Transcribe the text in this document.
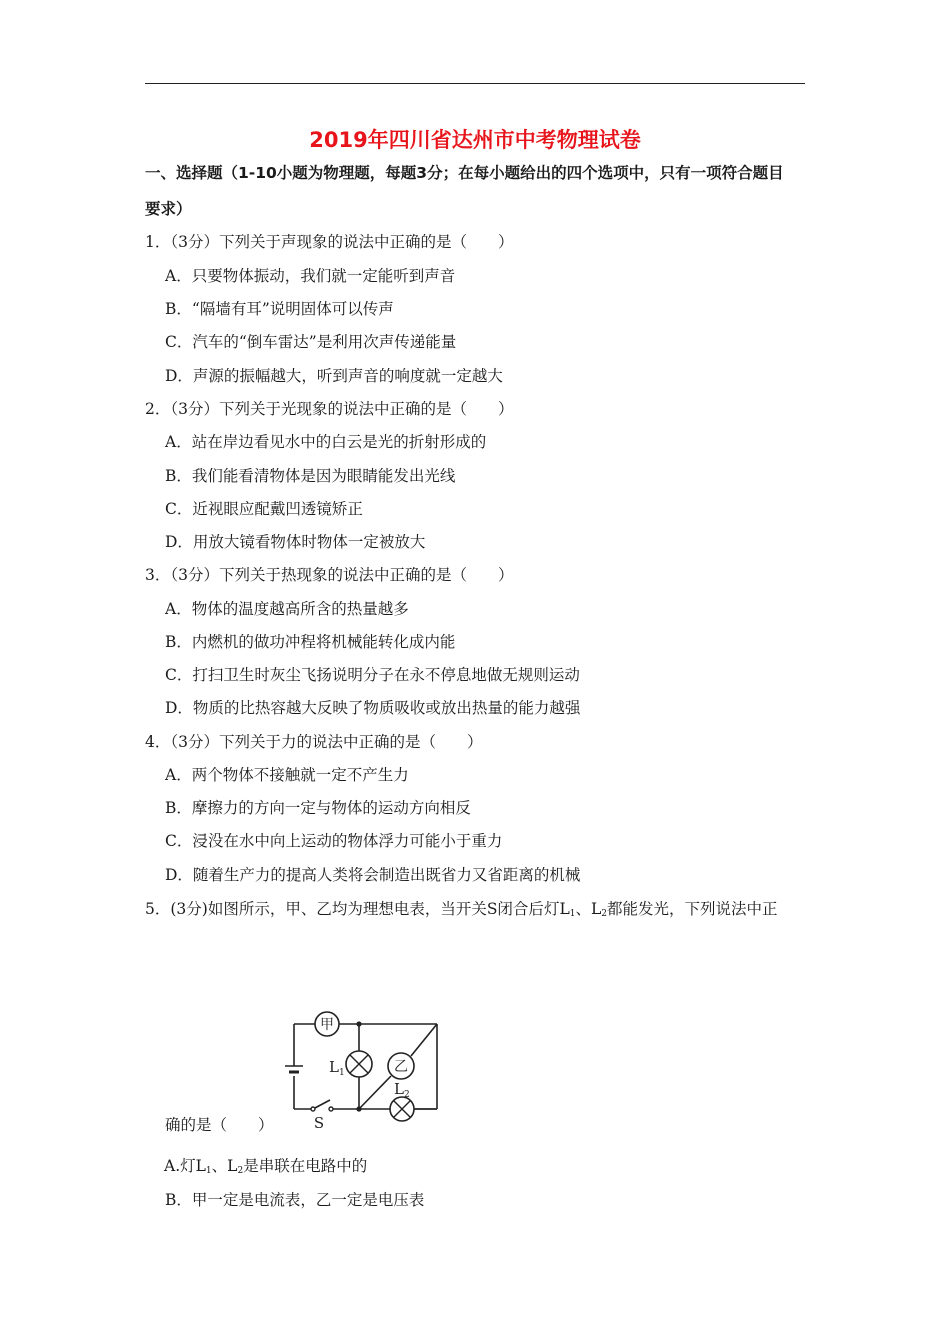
2019年四川省达州市中考物理试卷
一、选择题（1-10小题为物理题，每题3分；在每小题给出的四个选项中，只有一项符合题目
要求）
1．（3分）下列关于声现象的说法中正确的是（　　）
A．只要物体振动，我们就一定能听到声音
B．“隔墙有耳”说明固体可以传声
C．汽车的“倒车雷达”是利用次声传递能量
D．声源的振幅越大，听到声音的响度就一定越大
2．（3分）下列关于光现象的说法中正确的是（　　）
A．站在岸边看见水中的白云是光的折射形成的
B．我们能看清物体是因为眼睛能发出光线
C．近视眼应配戴凹透镜矫正
D．用放大镜看物体时物体一定被放大
3．（3分）下列关于热现象的说法中正确的是（　　）
A．物体的温度越高所含的热量越多
B．内燃机的做功冲程将机械能转化成内能
C．打扫卫生时灰尘飞扬说明分子在永不停息地做无规则运动
D．物质的比热容越大反映了物质吸收或放出热量的能力越强
4．（3分）下列关于力的说法中正确的是（　　）
A．两个物体不接触就一定不产生力
B．摩擦力的方向一定与物体的运动方向相反
C．浸没在水中向上运动的物体浮力可能小于重力
D．随着生产力的提高人类将会制造出既省力又省距离的机械
5．(3分)如图所示，甲、乙均为理想电表，当开关S闭合后灯$L_1$、$L_2$都能发光，下列说法中正
甲
$L_1$	乙
$L_2$
S
确的是（　　）
A.灯$L_1$、$L_2$是串联在电路中的
B．甲一定是电流表，乙一定是电压表
